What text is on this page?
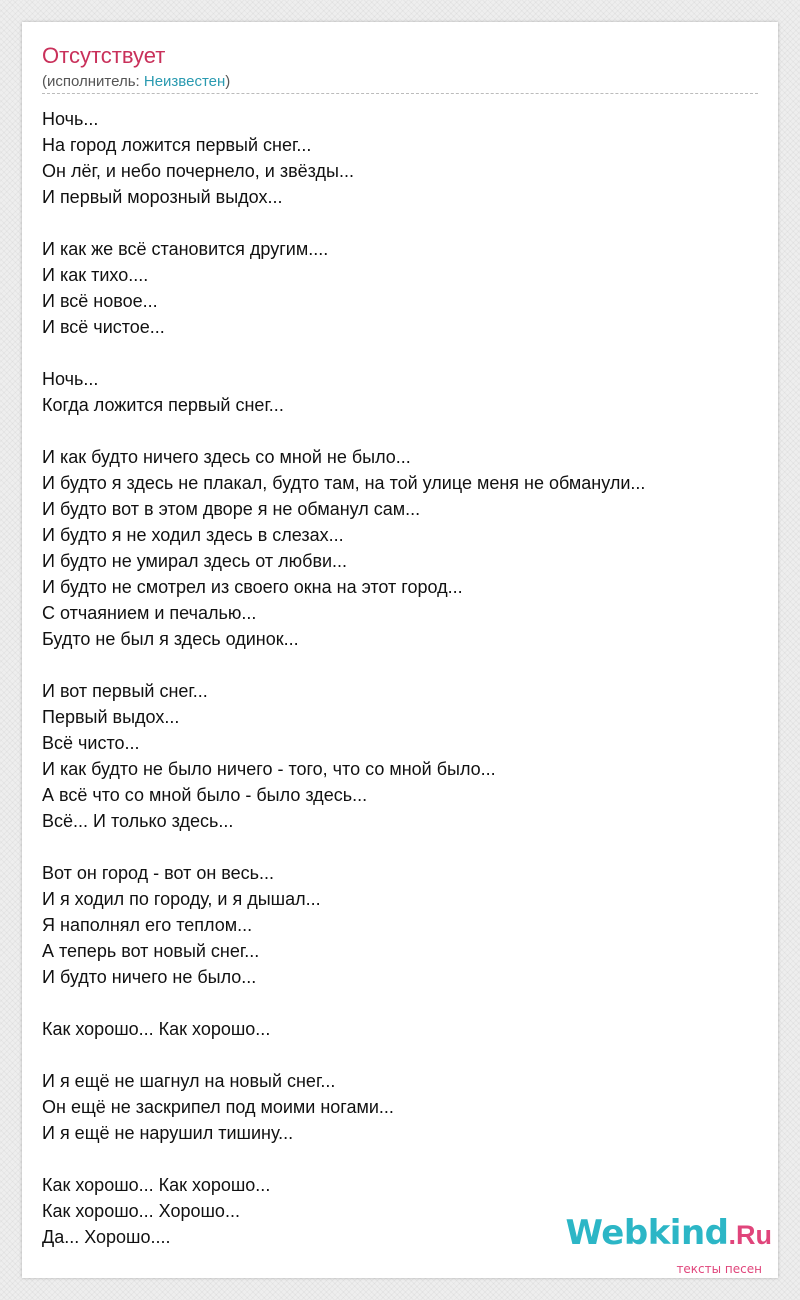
Отсутствует
(исполнитель: Неизвестен)
Ночь...
На город ложится первый снег...
Он лёг, и небо почернело, и звёзды...
И первый морозный выдох...
И как же всё становится другим....
И как тихо....
И всё новое...
И всё чистое...
Ночь...
Когда ложится первый снег...
И как будто ничего здесь со мной не было...
И будто я здесь не плакал, будто там, на той улице меня не обманули...
И будто вот в этом дворе я не обманул сам...
И будто я не ходил здесь в слезах...
И будто не умирал здесь от любви...
И будто не смотрел из своего окна на этот город...
С отчаянием и печалью...
Будто не был я здесь одинок...
И вот первый снег...
Первый выдох...
Всё чисто...
И как будто не было ничего - того, что со мной было...
А всё что со мной было - было здесь...
Всё... И только здесь...
Вот он город - вот он весь...
И я ходил по городу, и я дышал...
Я наполнял его теплом...
А теперь вот новый снег...
И будто ничего не было...
Как хорошо... Как хорошо...
И я ещё не шагнул на новый снег...
Он ещё не заскрипел под моими ногами...
И я ещё не нарушил тишину...
Как хорошо... Как хорошо...
Как хорошо... Хорошо...
Да... Хорошо....	Webkind.Ru
тексты песен
